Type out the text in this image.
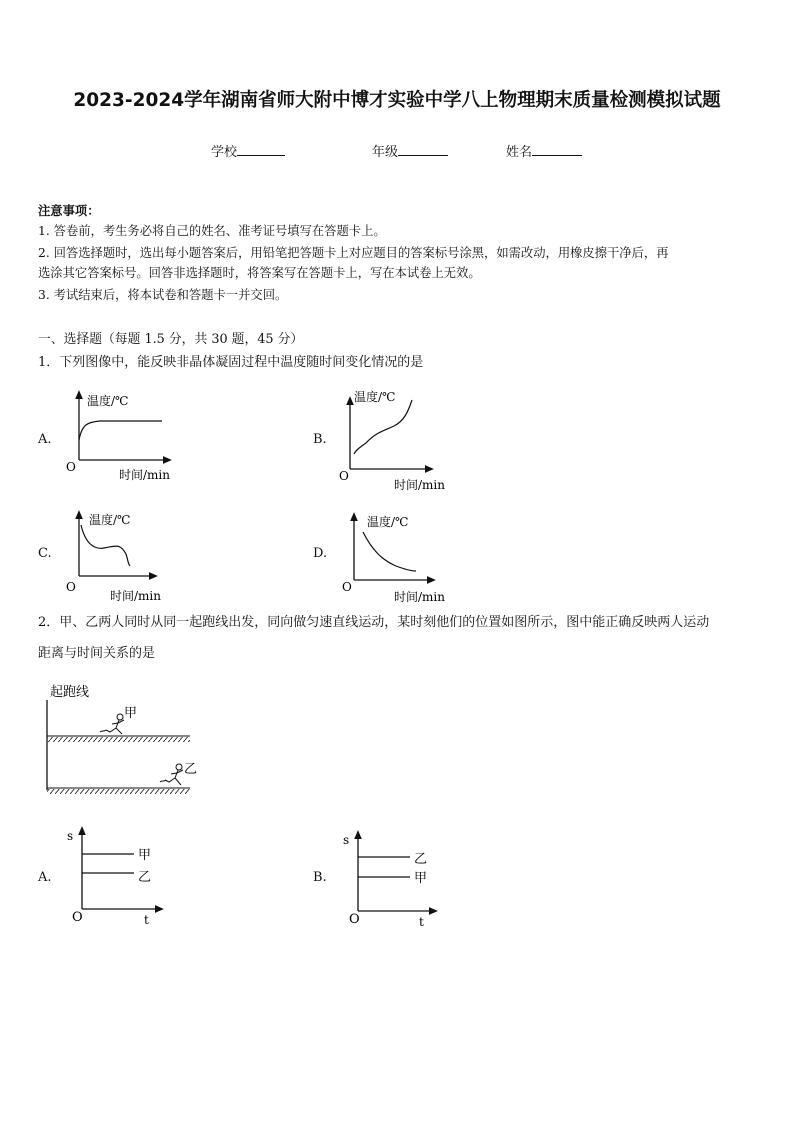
2023-2024学年湖南省师大附中博才实验中学八上物理期末质量检测模拟试题
学校	年级	姓名
注意事项：
1. 答卷前，考生务必将自己的姓名、准考证号填写在答题卡上。
2. 回答选择题时，选出每小题答案后，用铅笔把答题卡上对应题目的答案标号涂黑，如需改动，用橡皮擦干净后，再
选涂其它答案标号。回答非选择题时，将答案写在答题卡上，写在本试卷上无效。
3. 考试结束后，将本试卷和答题卡一并交回。
一、选择题（每题 1.5 分，共 30 题，45 分）
1．下列图像中，能反映非晶体凝固过程中温度随时间变化情况的是
A.	B.
C.	D.
温度/℃
时间/min
O
温度/℃
时间/min
O
温度/℃
时间/min
O
温度/℃
时间/min
O
2．甲、乙两人同时从同一起跑线出发，同向做匀速直线运动，某时刻他们的位置如图所示，图中能正确反映两人运动
距离与时间关系的是
起跑线
甲
乙
A.	B.
甲
乙
s
t
O
乙
甲
s
t
O
